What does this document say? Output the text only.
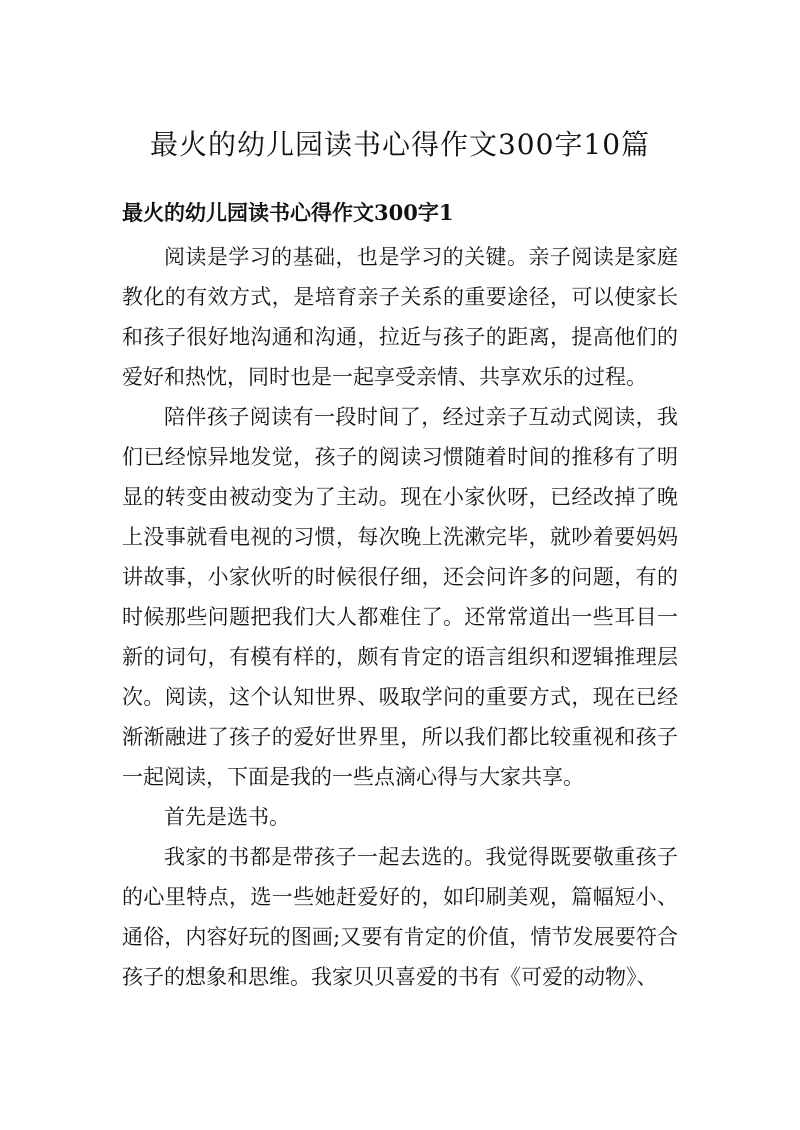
最火的幼儿园读书心得作文300字10篇
最火的幼儿园读书心得作文300字1

阅读是学习的基础，也是学习的关键。亲子阅读是家庭教化的有效方式，是培育亲子关系的重要途径，可以使家长和孩子很好地沟通和沟通，拉近与孩子的距离，提高他们的爱好和热忱，同时也是一起享受亲情、共享欢乐的过程。

陪伴孩子阅读有一段时间了，经过亲子互动式阅读，我们已经惊异地发觉，孩子的阅读习惯随着时间的推移有了明显的转变由被动变为了主动。现在小家伙呀，已经改掉了晚上没事就看电视的习惯，每次晚上洗漱完毕，就吵着要妈妈讲故事，小家伙听的时候很仔细，还会问许多的问题，有的时候那些问题把我们大人都难住了。还常常道出一些耳目一新的词句，有模有样的，颇有肯定的语言组织和逻辑推理层次。阅读，这个认知世界、吸取学问的重要方式，现在已经渐渐融进了孩子的爱好世界里，所以我们都比较重视和孩子一起阅读，下面是我的一些点滴心得与大家共享。

首先是选书。

我家的书都是带孩子一起去选的。我觉得既要敬重孩子的心里特点，选一些她赶爱好的，如印刷美观，篇幅短小、通俗，内容好玩的图画;又要有肯定的价值，情节发展要符合孩子的想象和思维。我家贝贝喜爱的书有《可爱的动物》、
